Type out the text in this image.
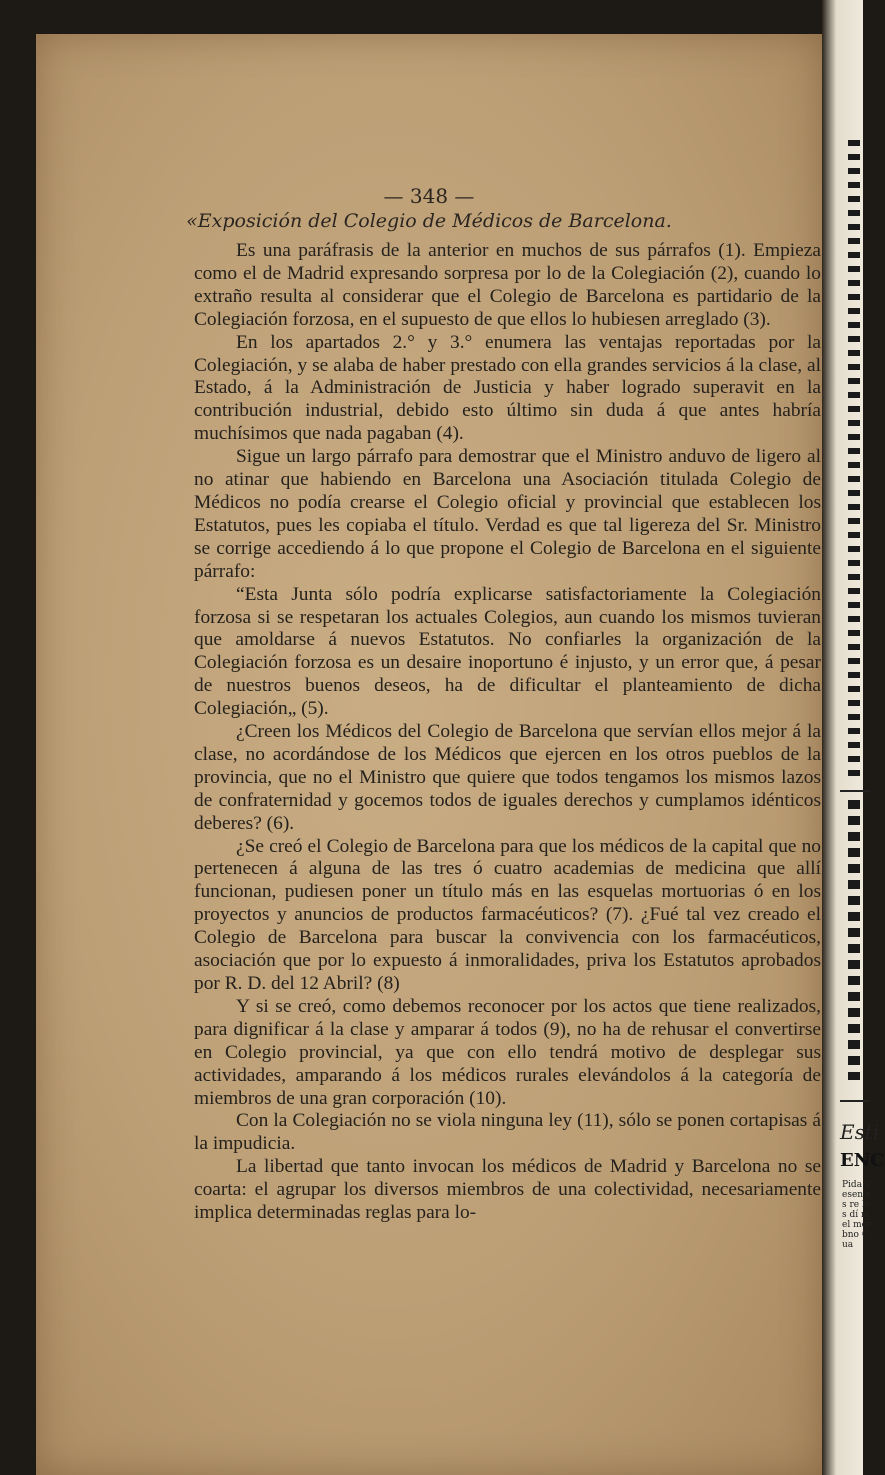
— 348 —
«Exposición del Colegio de Médicos de Barcelona.

Es una paráfrasis de la anterior en muchos de sus párrafos (1). Empieza como el de Madrid expresando sorpresa por lo de la Colegiación (2), cuando lo extraño resulta al considerar que el Colegio de Barcelona es partidario de la Colegiación forzosa, en el supuesto de que ellos lo hubiesen arreglado (3).

En los apartados 2.° y 3.° enumera las ventajas reportadas por la Colegiación, y se alaba de haber prestado con ella grandes servicios á la clase, al Estado, á la Administración de Justicia y haber logrado superavit en la contribución industrial, debido esto último sin duda á que antes habría muchísimos que nada pagaban (4).

Sigue un largo párrafo para demostrar que el Ministro anduvo de ligero al no atinar que habiendo en Barcelona una Asociación titulada Colegio de Médicos no podía crearse el Colegio oficial y provincial que establecen los Estatutos, pues les copiaba el título. Verdad es que tal ligereza del Sr. Ministro se corrige accediendo á lo que propone el Colegio de Barcelona en el siguiente párrafo:

“Esta Junta sólo podría explicarse satisfactoriamente la Colegiación forzosa si se respetaran los actuales Colegios, aun cuando los mismos tuvieran que amoldarse á nuevos Estatutos. No confiarles la organización de la Colegiación forzosa es un desaire inoportuno é injusto, y un error que, á pesar de nuestros buenos deseos, ha de dificultar el planteamiento de dicha Colegiación„ (5).

¿Creen los Médicos del Colegio de Barcelona que servían ellos mejor á la clase, no acordándose de los Médicos que ejercen en los otros pueblos de la provincia, que no el Ministro que quiere que todos tengamos los mismos lazos de confraternidad y gocemos todos de iguales derechos y cumplamos idénticos deberes? (6).

¿Se creó el Colegio de Barcelona para que los médicos de la capital que no pertenecen á alguna de las tres ó cuatro academias de medicina que allí funcionan, pudiesen poner un título más en las esquelas mortuorias ó en los proyectos y anuncios de productos farmacéuticos? (7). ¿Fué tal vez creado el Colegio de Barcelona para buscar la convivencia con los farmacéuticos, asociación que por lo expuesto á inmoralidades, priva los Estatutos aprobados por R. D. del 12 Abril? (8)

Y si se creó, como debemos reconocer por los actos que tiene realizados, para dignificar á la clase y amparar á todos (9), no ha de rehusar el convertirse en Colegio provincial, ya que con ello tendrá motivo de desplegar sus actividades, amparando á los médicos rurales elevándolos á la categoría de miembros de una gran corporación (10).

Con la Colegiación no se viola ninguna ley (11), sólo se ponen cortapisas á la impudicia.

La libertad que tanto invocan los médicos de Madrid y Barcelona no se coarta: el agrupar los diversos miembros de una colectividad, necesariamente implica determinadas reglas para lo-

Esti
ENC
Pida V esen es re les dí m el mer bno Cua
